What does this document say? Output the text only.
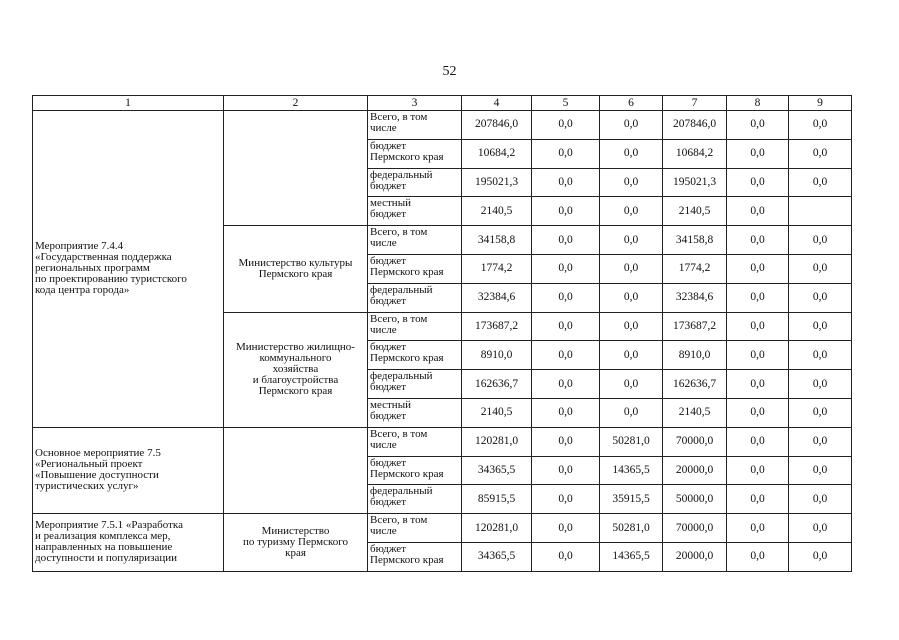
52
1	2	3	4	5	6	7	8	9
Мероприятие 7.4.4
«Государственная поддержка
региональных программ
по проектированию туристского
кода центра города»		Всего, в том
числе	207846,0	0,0	0,0	207846,0	0,0	0,0
		бюджет
Пермского края	10684,2	0,0	0,0	10684,2	0,0	0,0
		федеральный
бюджет	195021,3	0,0	0,0	195021,3	0,0	0,0
		местный
бюджет	2140,5	0,0	0,0	2140,5	0,0	
	Министерство культуры
Пермского края	Всего, в том
числе	34158,8	0,0	0,0	34158,8	0,0	0,0
		бюджет
Пермского края	1774,2	0,0	0,0	1774,2	0,0	0,0
		федеральный
бюджет	32384,6	0,0	0,0	32384,6	0,0	0,0
	Министерство жилищно-
коммунального
хозяйства
и благоустройства
Пермского края	Всего, в том
числе	173687,2	0,0	0,0	173687,2	0,0	0,0
		бюджет
Пермского края	8910,0	0,0	0,0	8910,0	0,0	0,0
		федеральный
бюджет	162636,7	0,0	0,0	162636,7	0,0	0,0
		местный
бюджет	2140,5	0,0	0,0	2140,5	0,0	0,0
Основное мероприятие 7.5
«Региональный проект
«Повышение доступности
туристических услуг»		Всего, в том
числе	120281,0	0,0	50281,0	70000,0	0,0	0,0
		бюджет
Пермского края	34365,5	0,0	14365,5	20000,0	0,0	0,0
		федеральный
бюджет	85915,5	0,0	35915,5	50000,0	0,0	0,0
Мероприятие 7.5.1 «Разработка
и реализация комплекса мер,
направленных на повышение
доступности и популяризации	Министерство
по туризму Пермского
края	Всего, в том
числе	120281,0	0,0	50281,0	70000,0	0,0	0,0
		бюджет
Пермского края	34365,5	0,0	14365,5	20000,0	0,0	0,0
